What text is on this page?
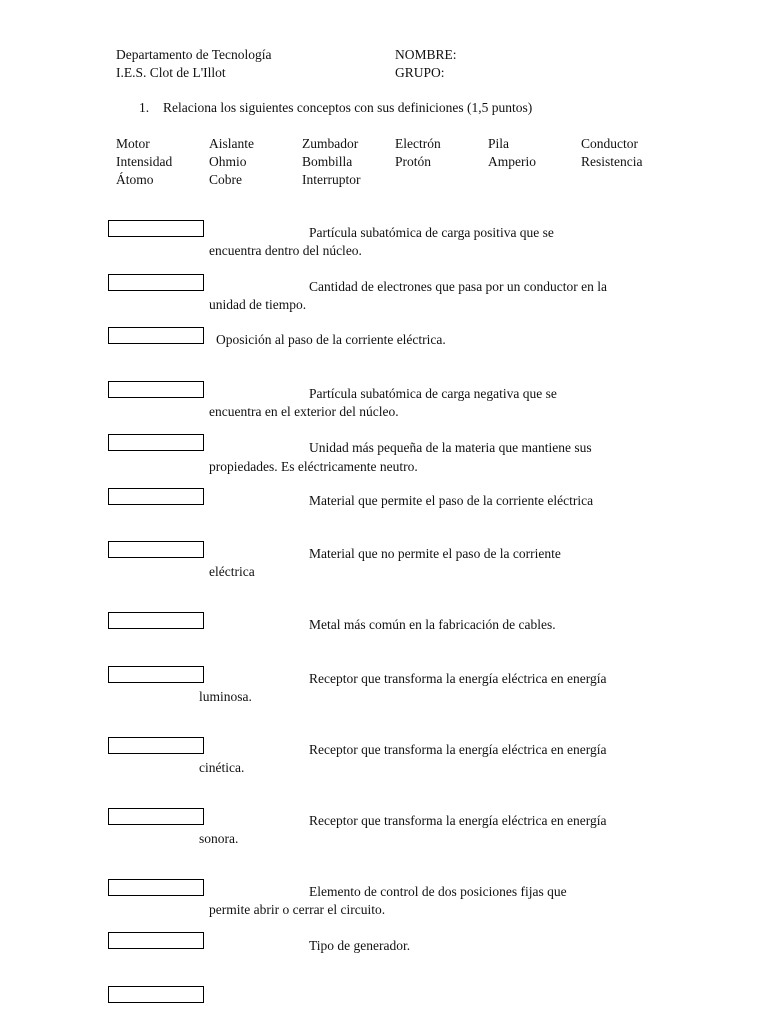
Departamento de Tecnología
I.E.S. Clot de L'Illot
NOMBRE:
GRUPO:
1. Relaciona los siguientes conceptos con sus definiciones (1,5 puntos)
Motor	Aislante	Zumbador	Electrón	Pila	Conductor
Intensidad	Ohmio	Bombilla	Protón	Amperio	Resistencia
Átomo	Cobre	Interruptor
Partícula subatómica de carga positiva que se
encuentra dentro del núcleo.
Cantidad de electrones que pasa por un conductor en la
unidad de tiempo.
Oposición al paso de la corriente eléctrica.
Partícula subatómica de carga negativa que se
encuentra en el exterior del núcleo.
Unidad más pequeña de la materia que mantiene sus
propiedades. Es eléctricamente neutro.
Material que permite el paso de la corriente eléctrica
Material que no permite el paso de la corriente
eléctrica
Metal más común en la fabricación de cables.
Receptor que transforma la energía eléctrica en energía
luminosa.
Receptor que transforma la energía eléctrica en energía
cinética.
Receptor que transforma la energía eléctrica en energía
sonora.
Elemento de control de dos posiciones fijas que
permite abrir o cerrar el circuito.
Tipo de generador.
